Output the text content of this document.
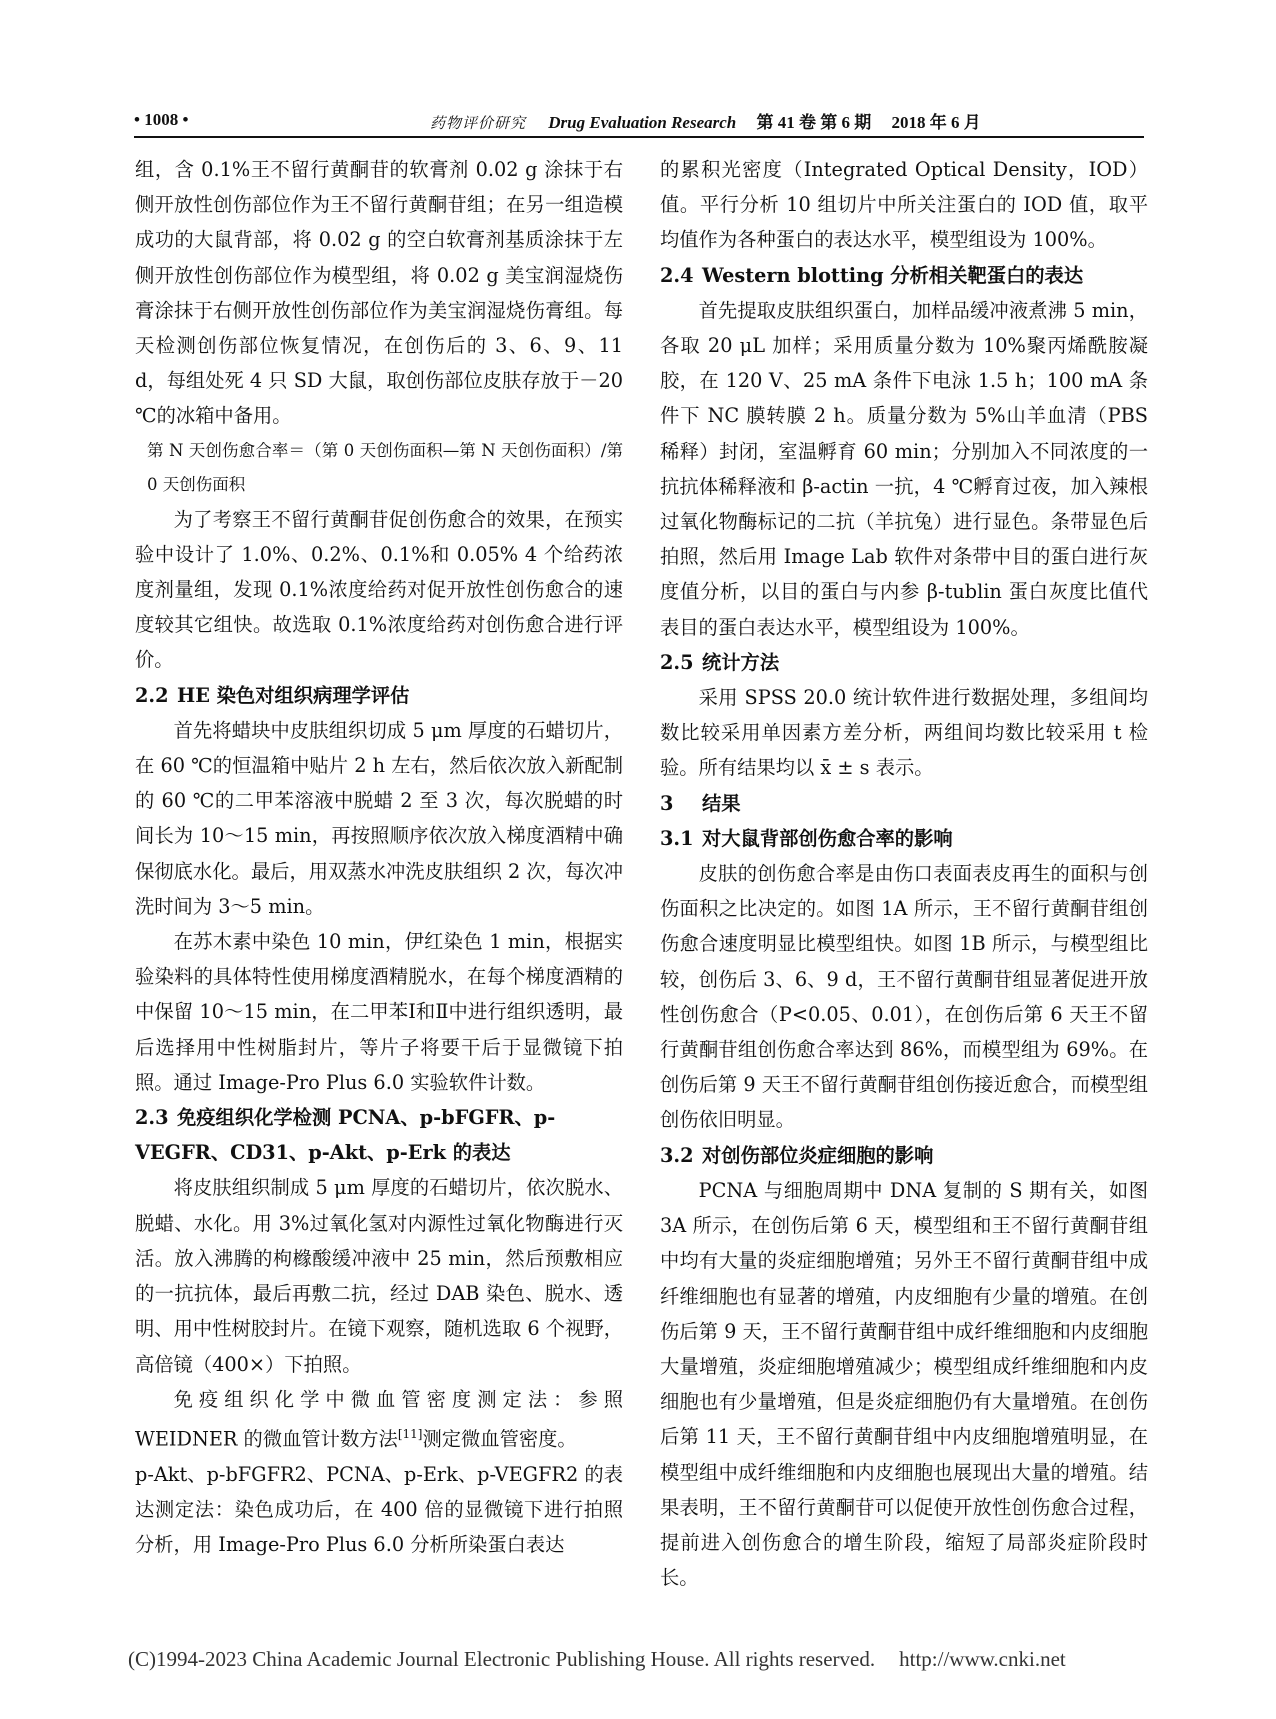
• 1008 •	药物评价研究 Drug Evaluation Research 第 41 卷 第 6 期 2018 年 6 月

组，含 0.1%王不留行黄酮苷的软膏剂 0.02 g 涂抹于右侧开放性创伤部位作为王不留行黄酮苷组；在另一组造模成功的大鼠背部，将 0.02 g 的空白软膏剂基质涂抹于左侧开放性创伤部位作为模型组，将 0.02 g 美宝润湿烧伤膏涂抹于右侧开放性创伤部位作为美宝润湿烧伤膏组。每天检测创伤部位恢复情况，在创伤后的 3、6、9、11 d，每组处死 4 只 SD 大鼠，取创伤部位皮肤存放于－20 ℃的冰箱中备用。

第 N 天创伤愈合率＝（第 0 天创伤面积—第 N 天创伤面积）/第 0 天创伤面积

为了考察王不留行黄酮苷促创伤愈合的效果，在预实验中设计了 1.0%、0.2%、0.1%和 0.05% 4 个给药浓度剂量组，发现 0.1%浓度给药对促开放性创伤愈合的速度较其它组快。故选取 0.1%浓度给药对创伤愈合进行评价。

2.2 HE 染色对组织病理学评估

首先将蜡块中皮肤组织切成 5 μm 厚度的石蜡切片，在 60 ℃的恒温箱中贴片 2 h 左右，然后依次放入新配制的 60 ℃的二甲苯溶液中脱蜡 2 至 3 次，每次脱蜡的时间长为 10～15 min，再按照顺序依次放入梯度酒精中确保彻底水化。最后，用双蒸水冲洗皮肤组织 2 次，每次冲洗时间为 3～5 min。

在苏木素中染色 10 min，伊红染色 1 min，根据实验染料的具体特性使用梯度酒精脱水，在每个梯度酒精的中保留 10～15 min，在二甲苯Ⅰ和Ⅱ中进行组织透明，最后选择用中性树脂封片，等片子将要干后于显微镜下拍照。通过 Image-Pro Plus 6.0 实验软件计数。

2.3 免疫组织化学检测 PCNA、p-bFGFR、p-VEGFR、CD31、p-Akt、p-Erk 的表达

将皮肤组织制成 5 μm 厚度的石蜡切片，依次脱水、脱蜡、水化。用 3%过氧化氢对内源性过氧化物酶进行灭活。放入沸腾的枸橼酸缓冲液中 25 min，然后预敷相应的一抗抗体，最后再敷二抗，经过 DAB 染色、脱水、透明、用中性树胶封片。在镜下观察，随机选取 6 个视野，高倍镜（400×）下拍照。

免疫组织化学中微血管密度测定法：参照 WEIDNER 的微血管计数方法[11]测定微血管密度。

p-Akt、p-bFGFR2、PCNA、p-Erk、p-VEGFR2 的表达测定法：染色成功后，在 400 倍的显微镜下进行拍照分析，用 Image-Pro Plus 6.0 分析所染蛋白表达

的累积光密度（Integrated Optical Density，IOD）值。平行分析 10 组切片中所关注蛋白的 IOD 值，取平均值作为各种蛋白的表达水平，模型组设为 100%。

2.4 Western blotting 分析相关靶蛋白的表达

首先提取皮肤组织蛋白，加样品缓冲液煮沸 5 min，各取 20 μL 加样；采用质量分数为 10%聚丙烯酰胺凝胶，在 120 V、25 mA 条件下电泳 1.5 h；100 mA 条件下 NC 膜转膜 2 h。质量分数为 5%山羊血清（PBS 稀释）封闭，室温孵育 60 min；分别加入不同浓度的一抗抗体稀释液和 β-actin 一抗，4 ℃孵育过夜，加入辣根过氧化物酶标记的二抗（羊抗兔）进行显色。条带显色后拍照，然后用 Image Lab 软件对条带中目的蛋白进行灰度值分析，以目的蛋白与内参 β-tublin 蛋白灰度比值代表目的蛋白表达水平，模型组设为 100%。

2.5 统计方法

采用 SPSS 20.0 统计软件进行数据处理，多组间均数比较采用单因素方差分析，两组间均数比较采用 t 检验。所有结果均以 x̄ ± s 表示。

3 结果

3.1 对大鼠背部创伤愈合率的影响

皮肤的创伤愈合率是由伤口表面表皮再生的面积与创伤面积之比决定的。如图 1A 所示，王不留行黄酮苷组创伤愈合速度明显比模型组快。如图 1B 所示，与模型组比较，创伤后 3、6、9 d，王不留行黄酮苷组显著促进开放性创伤愈合（P<0.05、0.01），在创伤后第 6 天王不留行黄酮苷组创伤愈合率达到 86%，而模型组为 69%。在创伤后第 9 天王不留行黄酮苷组创伤接近愈合，而模型组创伤依旧明显。

3.2 对创伤部位炎症细胞的影响

PCNA 与细胞周期中 DNA 复制的 S 期有关，如图 3A 所示，在创伤后第 6 天，模型组和王不留行黄酮苷组中均有大量的炎症细胞增殖；另外王不留行黄酮苷组中成纤维细胞也有显著的增殖，内皮细胞有少量的增殖。在创伤后第 9 天，王不留行黄酮苷组中成纤维细胞和内皮细胞大量增殖，炎症细胞增殖减少；模型组成纤维细胞和内皮细胞也有少量增殖，但是炎症细胞仍有大量增殖。在创伤后第 11 天，王不留行黄酮苷组中内皮细胞增殖明显，在模型组中成纤维细胞和内皮细胞也展现出大量的增殖。结果表明，王不留行黄酮苷可以促使开放性创伤愈合过程，提前进入创伤愈合的增生阶段，缩短了局部炎症阶段时长。

(C)1994-2023 China Academic Journal Electronic Publishing House. All rights reserved. http://www.cnki.net
